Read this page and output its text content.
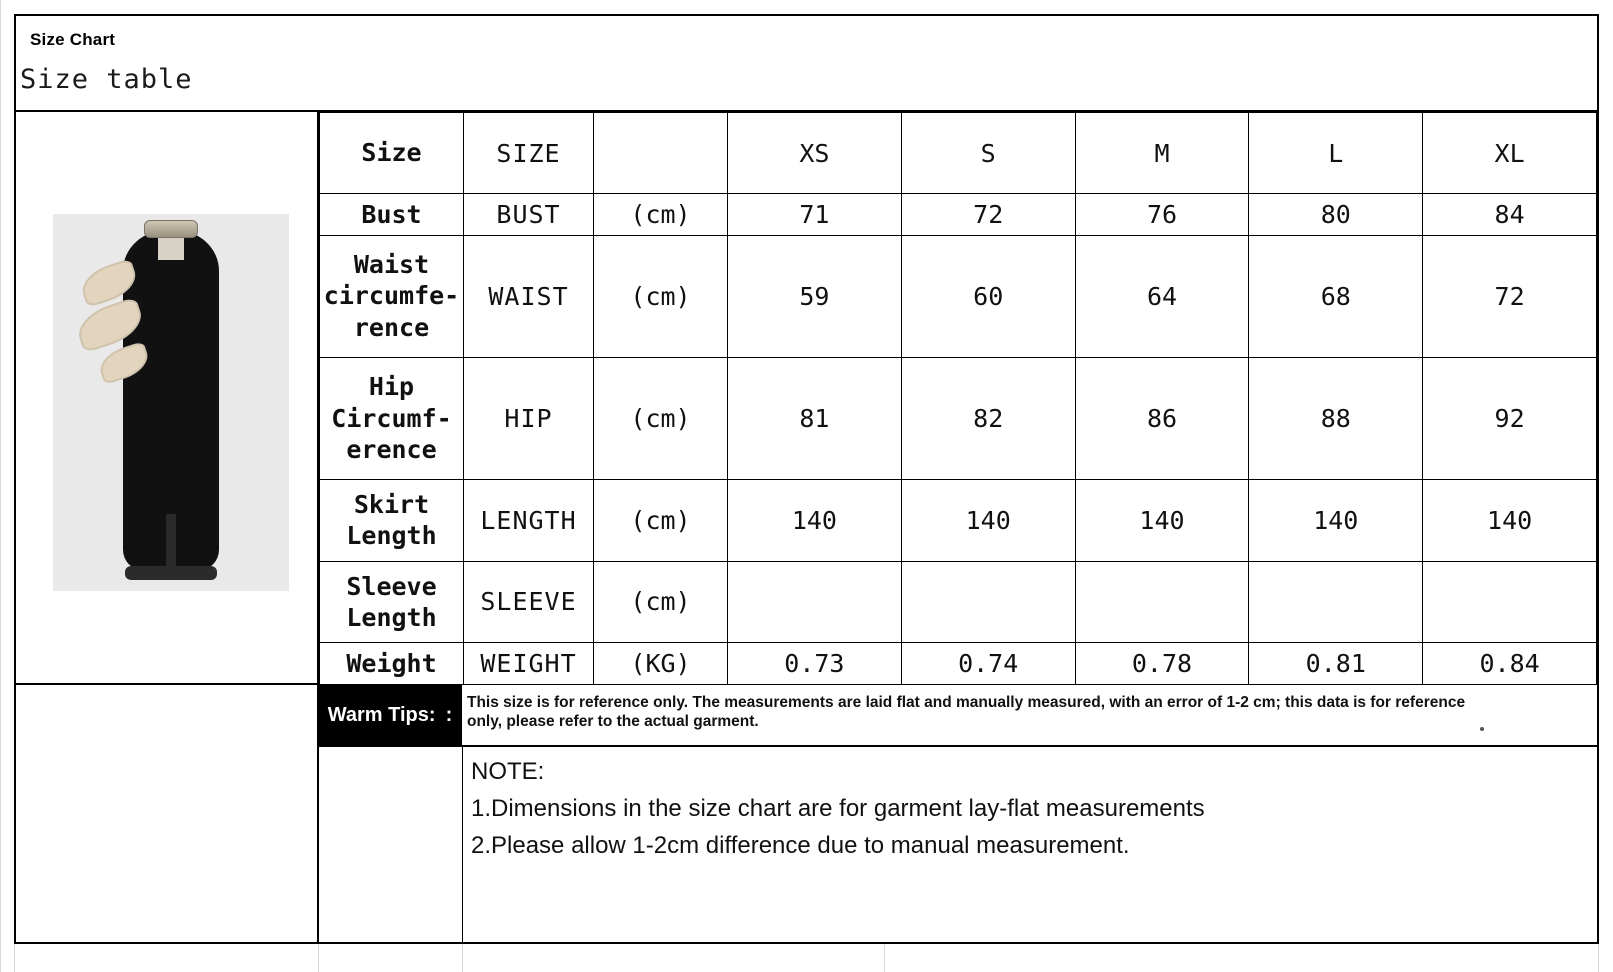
Size Chart
Size table
Size	SIZE		XS	S	M	L	XL
Bust	BUST	(cm)	71	72	76	80	84
Waist circumfe-rence	WAIST	(cm)	59	60	64	68	72
Hip Circumf-erence	HIP	(cm)	81	82	86	88	92
Skirt Length	LENGTH	(cm)	140	140	140	140	140
Sleeve Length	SLEEVE	(cm)					
Weight	WEIGHT	(KG)	0.73	0.74	0.78	0.81	0.84
Warm Tips: :
This size is for reference only. The measurements are laid flat and manually measured, with an error of 1-2 cm; this data is for reference only, please refer to the actual garment.
NOTE:
1.Dimensions in the size chart are for garment lay-flat measurements
2.Please allow 1-2cm difference due to manual measurement.
